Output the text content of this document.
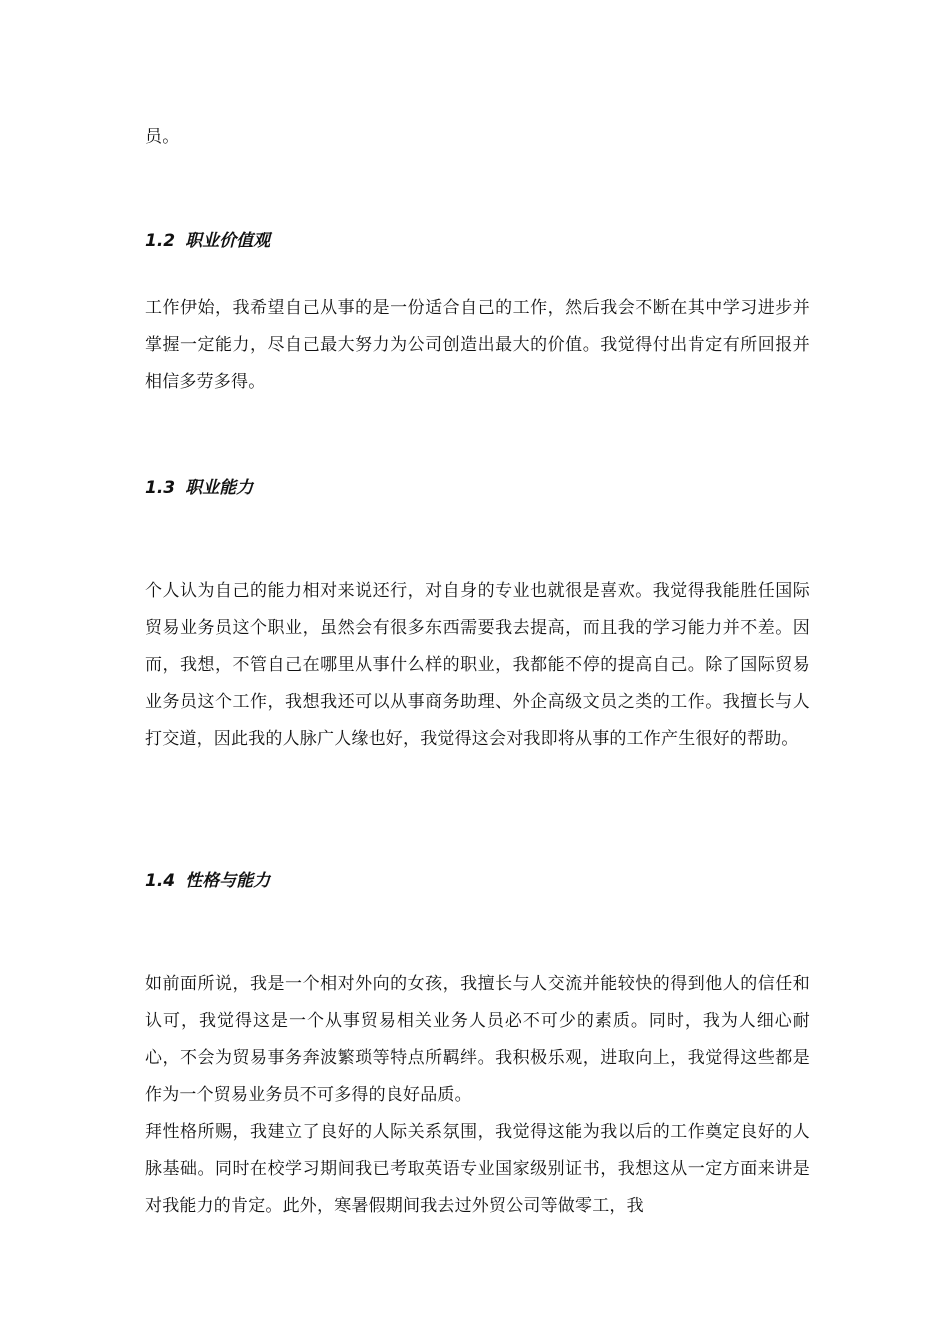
员。

1.2 职业价值观

工作伊始，我希望自己从事的是一份适合自己的工作，然后我会不断在其中学习进步并掌握一定能力，尽自己最大努力为公司创造出最大的价值。我觉得付出肯定有所回报并相信多劳多得。

1.3 职业能力

个人认为自己的能力相对来说还行，对自身的专业也就很是喜欢。我觉得我能胜任国际贸易业务员这个职业，虽然会有很多东西需要我去提高，而且我的学习能力并不差。因而，我想，不管自己在哪里从事什么样的职业，我都能不停的提高自己。除了国际贸易业务员这个工作，我想我还可以从事商务助理、外企高级文员之类的工作。我擅长与人打交道，因此我的人脉广人缘也好，我觉得这会对我即将从事的工作产生很好的帮助。

1.4 性格与能力

如前面所说，我是一个相对外向的女孩，我擅长与人交流并能较快的得到他人的信任和认可，我觉得这是一个从事贸易相关业务人员必不可少的素质。同时，我为人细心耐心，不会为贸易事务奔波繁琐等特点所羁绊。我积极乐观，进取向上，我觉得这些都是作为一个贸易业务员不可多得的良好品质。

拜性格所赐，我建立了良好的人际关系氛围，我觉得这能为我以后的工作奠定良好的人脉基础。同时在校学习期间我已考取英语专业国家级别证书，我想这从一定方面来讲是对我能力的肯定。此外，寒暑假期间我去过外贸公司等做零工，我
